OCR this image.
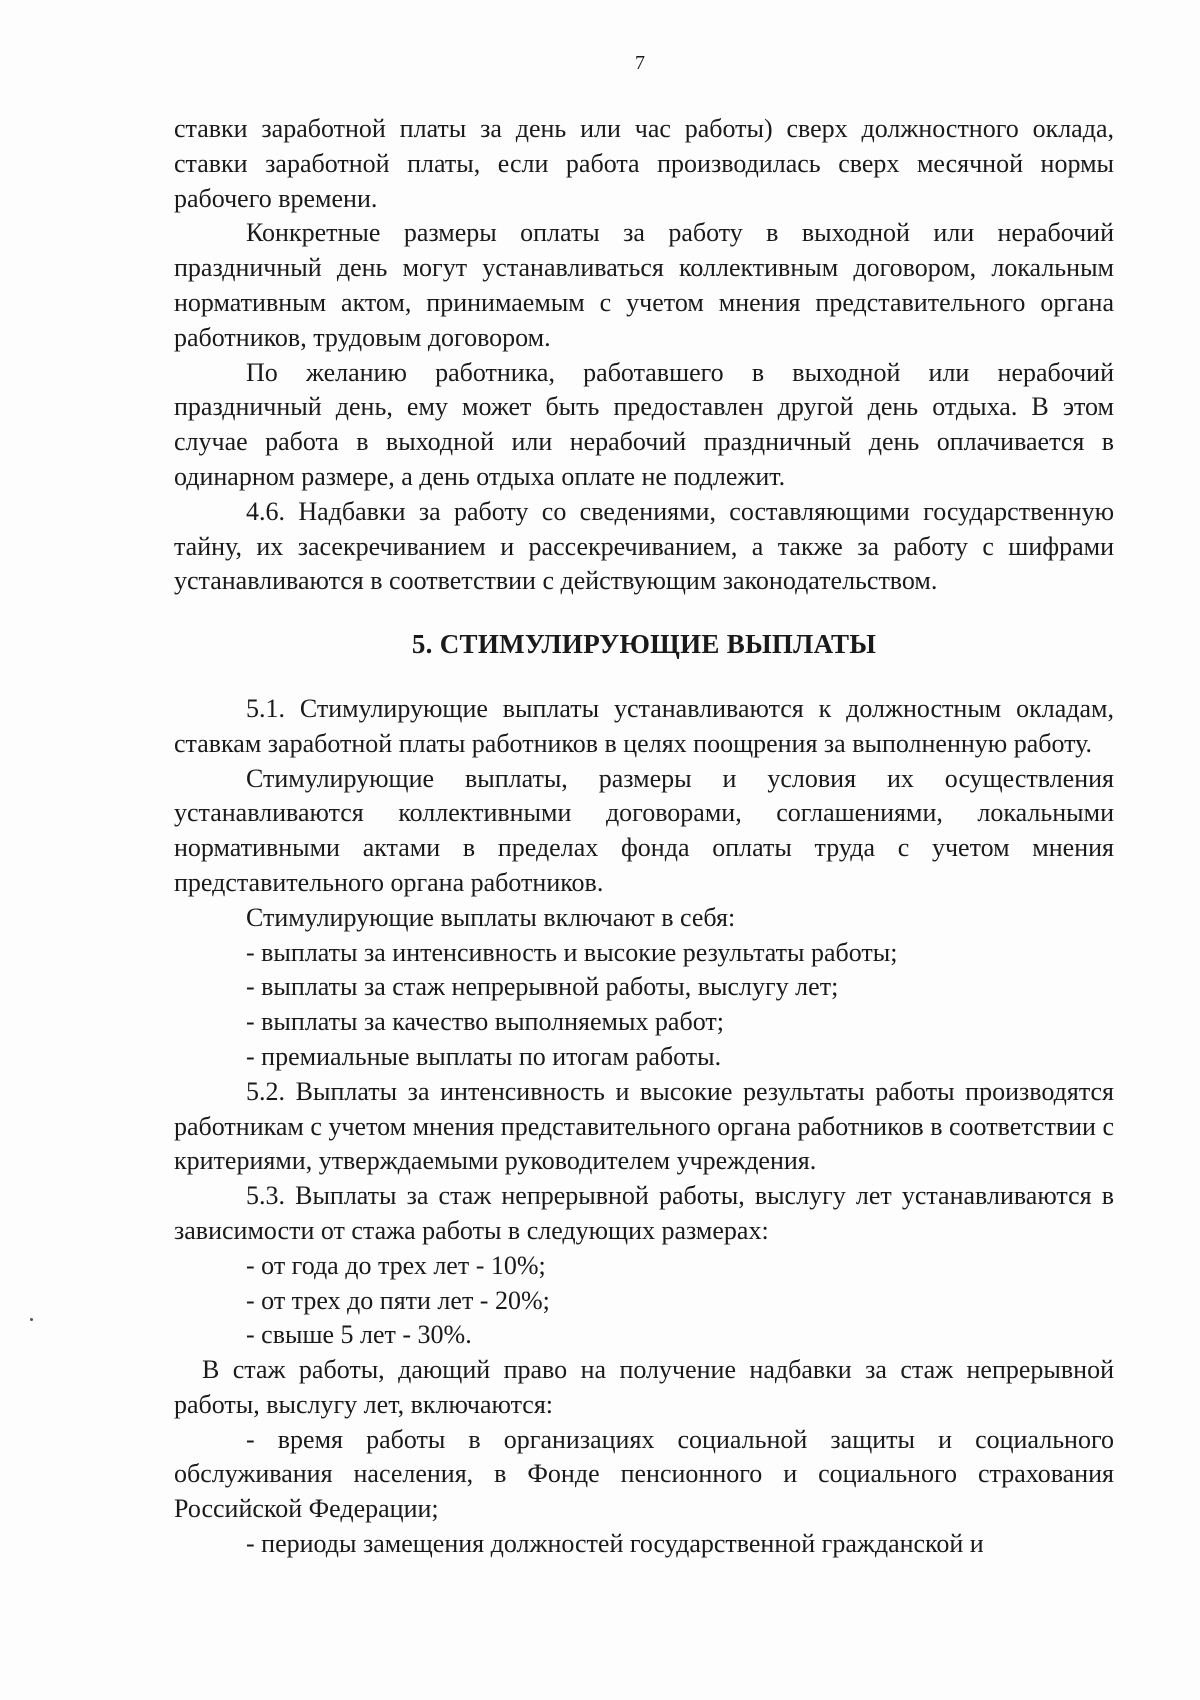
7

ставки заработной платы за день или час работы) сверх должностного оклада, ставки заработной платы, если работа производилась сверх месячной нормы рабочего времени.

Конкретные размеры оплаты за работу в выходной или нерабочий праздничный день могут устанавливаться коллективным договором, локальным нормативным актом, принимаемым с учетом мнения представительного органа работников, трудовым договором.

По желанию работника, работавшего в выходной или нерабочий праздничный день, ему может быть предоставлен другой день отдыха. В этом случае работа в выходной или нерабочий праздничный день оплачивается в одинарном размере, а день отдыха оплате не подлежит.

4.6. Надбавки за работу со сведениями, составляющими государственную тайну, их засекречиванием и рассекречиванием, а также за работу с шифрами устанавливаются в соответствии с действующим законодательством.

5. СТИМУЛИРУЮЩИЕ ВЫПЛАТЫ

5.1. Стимулирующие выплаты устанавливаются к должностным окладам, ставкам заработной платы работников в целях поощрения за выполненную работу.

Стимулирующие выплаты, размеры и условия их осуществления устанавливаются коллективными договорами, соглашениями, локальными нормативными актами в пределах фонда оплаты труда с учетом мнения представительного органа работников.

Стимулирующие выплаты включают в себя:

- выплаты за интенсивность и высокие результаты работы;

- выплаты за стаж непрерывной работы, выслугу лет;

- выплаты за качество выполняемых работ;

- премиальные выплаты по итогам работы.

5.2. Выплаты за интенсивность и высокие результаты работы производятся работникам с учетом мнения представительного органа работников в соответствии с критериями, утверждаемыми руководителем учреждения.

5.3. Выплаты за стаж непрерывной работы, выслугу лет устанавливаются в зависимости от стажа работы в следующих размерах:

- от года до трех лет - 10%;

- от трех до пяти лет - 20%;

- свыше 5 лет - 30%.

В стаж работы, дающий право на получение надбавки за стаж непрерывной работы, выслугу лет, включаются:

- время работы в организациях социальной защиты и социального обслуживания населения, в Фонде пенсионного и социального страхования Российской Федерации;

- периоды замещения должностей государственной гражданской и
